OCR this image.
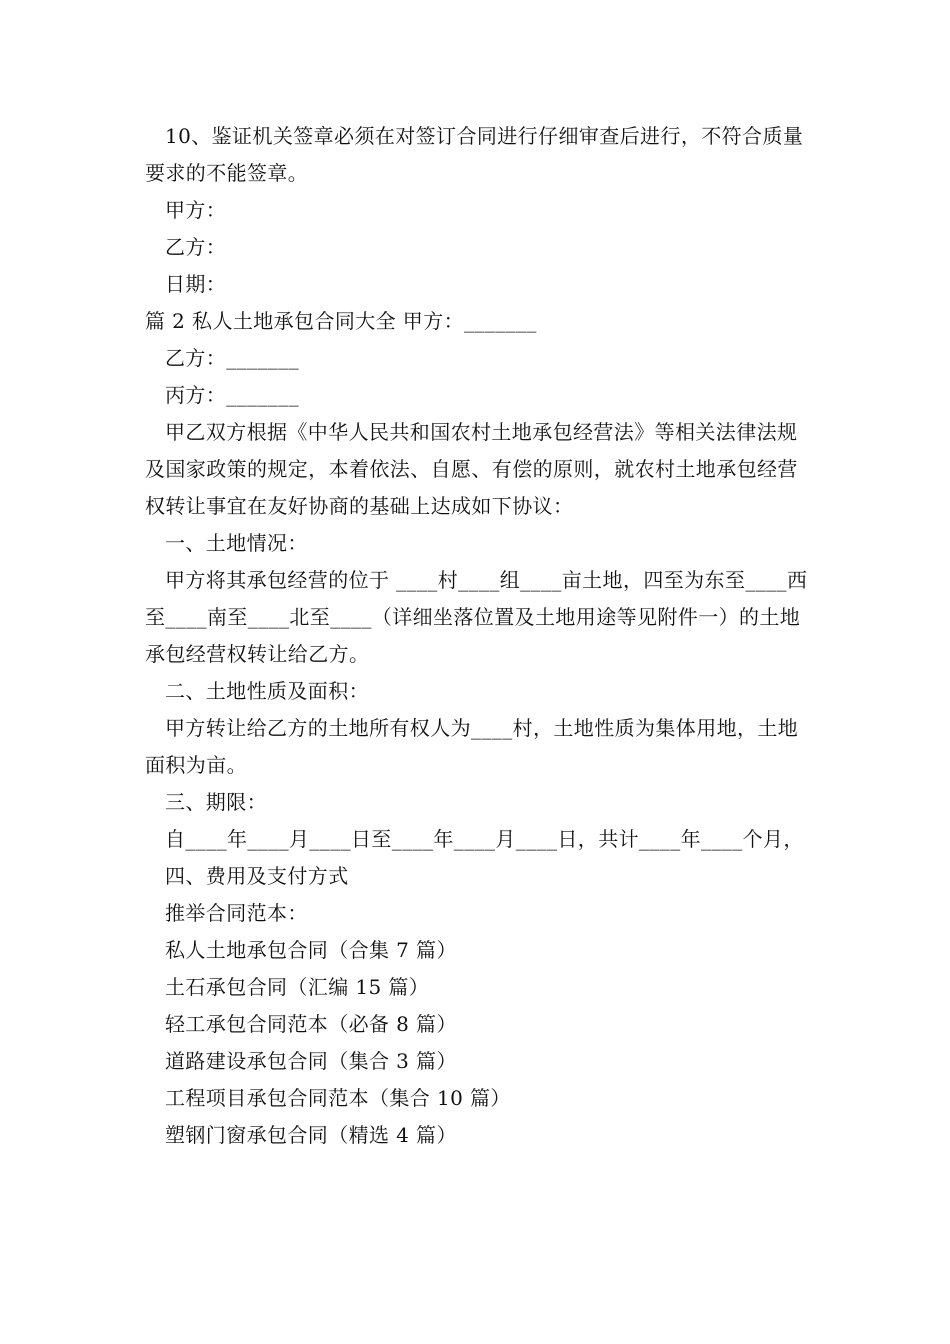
10、鉴证机关签章必须在对签订合同进行仔细审查后进行，不符合质量要求的不能签章。

甲方：

乙方：

日期：

篇 2 私人土地承包合同大全 甲方：_______

乙方：_______

丙方：_______

甲乙双方根据《中华人民共和国农村土地承包经营法》等相关法律法规及国家政策的规定，本着依法、自愿、有偿的原则，就农村土地承包经营权转让事宜在友好协商的基础上达成如下协议：

一、土地情况：

甲方将其承包经营的位于 ____村____组____亩土地，四至为东至____西至____南至____北至____（详细坐落位置及土地用途等见附件一）的土地承包经营权转让给乙方。

二、土地性质及面积：

甲方转让给乙方的土地所有权人为____村，土地性质为集体用地，土地面积为亩。

三、期限：

自____年____月____日至____年____月____日，共计____年____个月，

四、费用及支付方式

推举合同范本：

私人土地承包合同（合集 7 篇）

土石承包合同（汇编 15 篇）

轻工承包合同范本（必备 8 篇）

道路建设承包合同（集合 3 篇）

工程项目承包合同范本（集合 10 篇）

塑钢门窗承包合同（精选 4 篇）
